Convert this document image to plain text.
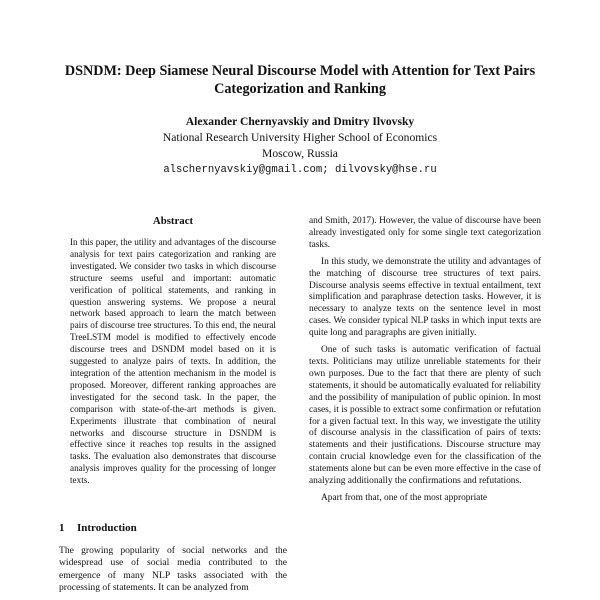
DSNDM: Deep Siamese Neural Discourse Model with Attention for Text Pairs Categorization and Ranking
Alexander Chernyavskiy and Dmitry Ilvovsky
National Research University Higher School of Economics
Moscow, Russia
alschernyavskiy@gmail.com; dilvovsky@hse.ru
Abstract

In this paper, the utility and advantages of the discourse analysis for text pairs categorization and ranking are investigated. We consider two tasks in which discourse structure seems useful and important: automatic verification of political statements, and ranking in question answering systems. We propose a neural network based approach to learn the match between pairs of discourse tree structures. To this end, the neural TreeLSTM model is modified to effectively encode discourse trees and DSNDM model based on it is suggested to analyze pairs of texts. In addition, the integration of the attention mechanism in the model is proposed. Moreover, different ranking approaches are investigated for the second task. In the paper, the comparison with state-of-the-art methods is given. Experiments illustrate that combination of neural networks and discourse structure in DSNDM is effective since it reaches top results in the assigned tasks. The evaluation also demonstrates that discourse analysis improves quality for the processing of longer texts.

1 Introduction

The growing popularity of social networks and the widespread use of social media contributed to the emergence of many NLP tasks associated with the processing of statements. It can be analyzed from

and Smith, 2017). However, the value of discourse have been already investigated only for some single text categorization tasks.

In this study, we demonstrate the utility and advantages of the matching of discourse tree structures of text pairs. Discourse analysis seems effective in textual entailment, text simplification and paraphrase detection tasks. However, it is necessary to analyze texts on the sentence level in most cases. We consider typical NLP tasks in which input texts are quite long and paragraphs are given initially.

One of such tasks is automatic verification of factual texts. Politicians may utilize unreliable statements for their own purposes. Due to the fact that there are plenty of such statements, it should be automatically evaluated for reliability and the possibility of manipulation of public opinion. In most cases, it is possible to extract some confirmation or refutation for a given factual text. In this way, we investigate the utility of discourse analysis in the classification of pairs of texts: statements and their justifications. Discourse structure may contain crucial knowledge even for the classification of the statements alone but can be even more effective in the case of analyzing additionally the confirmations and refutations.

Apart from that, one of the most appropriate
